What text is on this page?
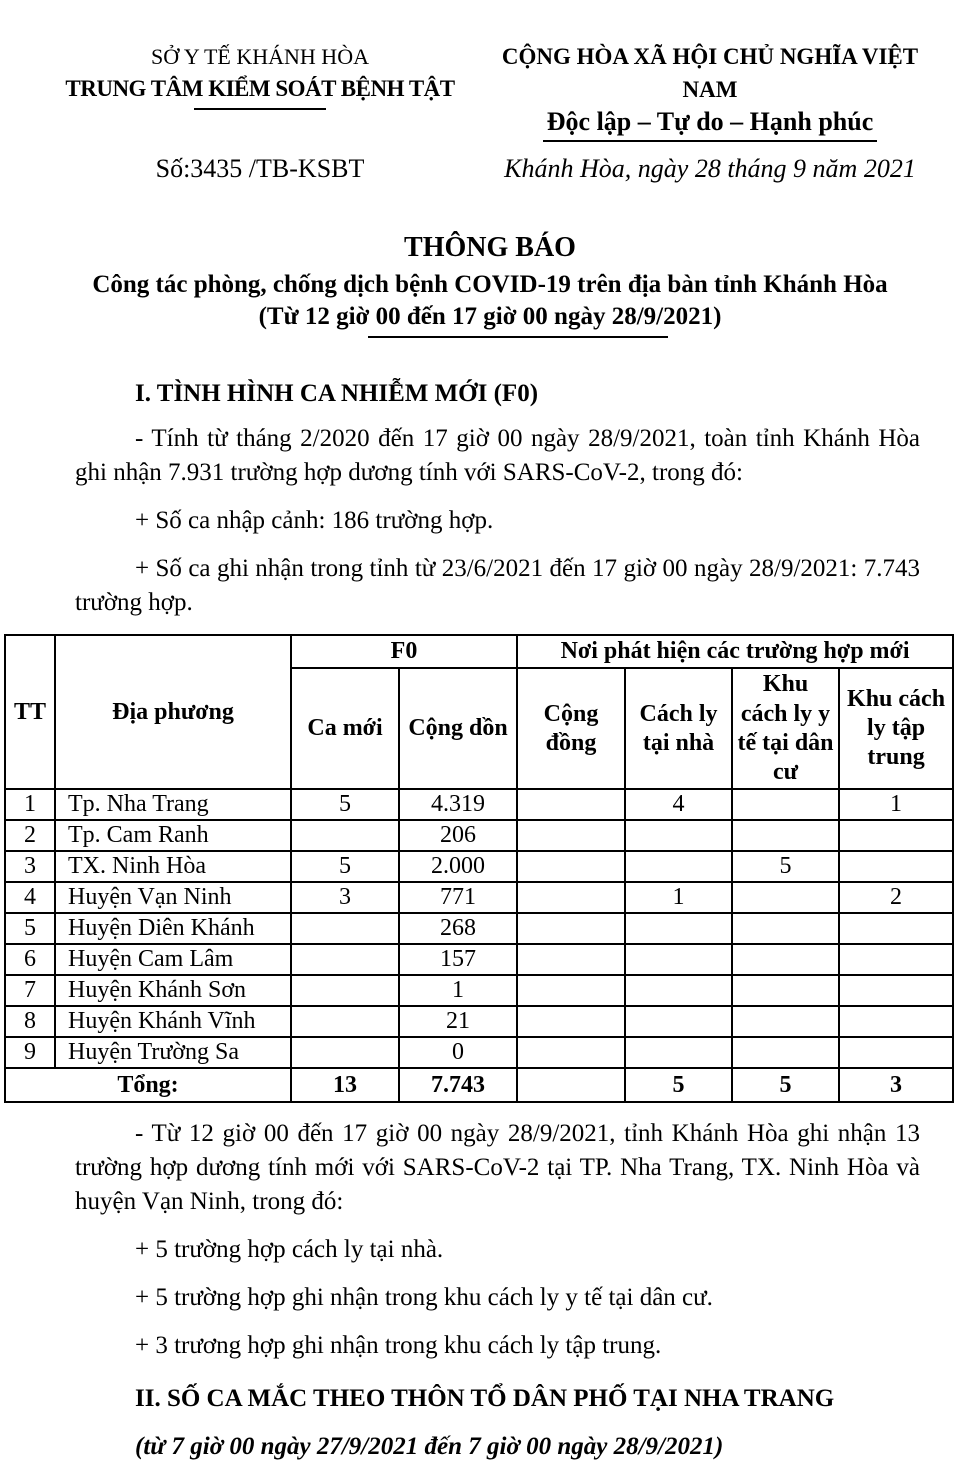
SỞ Y TẾ KHÁNH HÒA
TRUNG TÂM KIỂM SOÁT BỆNH TẬT
CỘNG HÒA XÃ HỘI CHỦ NGHĨA VIỆT NAM
Độc lập – Tự do – Hạnh phúc
Số:3435 /TB-KSBT	Khánh Hòa, ngày 28 tháng 9 năm 2021
THÔNG BÁO
Công tác phòng, chống dịch bệnh COVID-19 trên địa bàn tỉnh Khánh Hòa
(Từ 12 giờ 00 đến 17 giờ 00 ngày 28/9/2021)
I. TÌNH HÌNH CA NHIỄM MỚI (F0)

- Tính từ tháng 2/2020 đến 17 giờ 00 ngày 28/9/2021, toàn tỉnh Khánh Hòa ghi nhận 7.931 trường hợp dương tính với SARS-CoV-2, trong đó:

+ Số ca nhập cảnh: 186 trường hợp.

+ Số ca ghi nhận trong tỉnh từ 23/6/2021 đến 17 giờ 00 ngày 28/9/2021: 7.743 trường hợp.

TT	Địa phương	F0		Nơi phát hiện các trường hợp mới			
		Ca mới	Cộng dồn	Cộng đồng	Cách ly tại nhà	Khu cách ly y tế tại dân cư	Khu cách ly tập trung
1	Tp. Nha Trang	5	4.319		4		1
2	Tp. Cam Ranh		206				
3	TX. Ninh Hòa	5	2.000			5	
4	Huyện Vạn Ninh	3	771		1		2
5	Huyện Diên Khánh		268				
6	Huyện Cam Lâm		157				
7	Huyện Khánh Sơn		1				
8	Huyện Khánh Vĩnh		21				
9	Huyện Trường Sa		0				
Tổng:		13	7.743		5	5	3

- Từ 12 giờ 00 đến 17 giờ 00 ngày 28/9/2021, tỉnh Khánh Hòa ghi nhận 13 trường hợp dương tính mới với SARS-CoV-2 tại TP. Nha Trang, TX. Ninh Hòa và huyện Vạn Ninh, trong đó:

+ 5 trường hợp cách ly tại nhà.

+ 5 trường hợp ghi nhận trong khu cách ly y tế tại dân cư.

+ 3 trương hợp ghi nhận trong khu cách ly tập trung.

II. SỐ CA MẮC THEO THÔN TỔ DÂN PHỐ TẠI NHA TRANG
(từ 7 giờ 00 ngày 27/9/2021 đến 7 giờ 00 ngày 28/9/2021)
